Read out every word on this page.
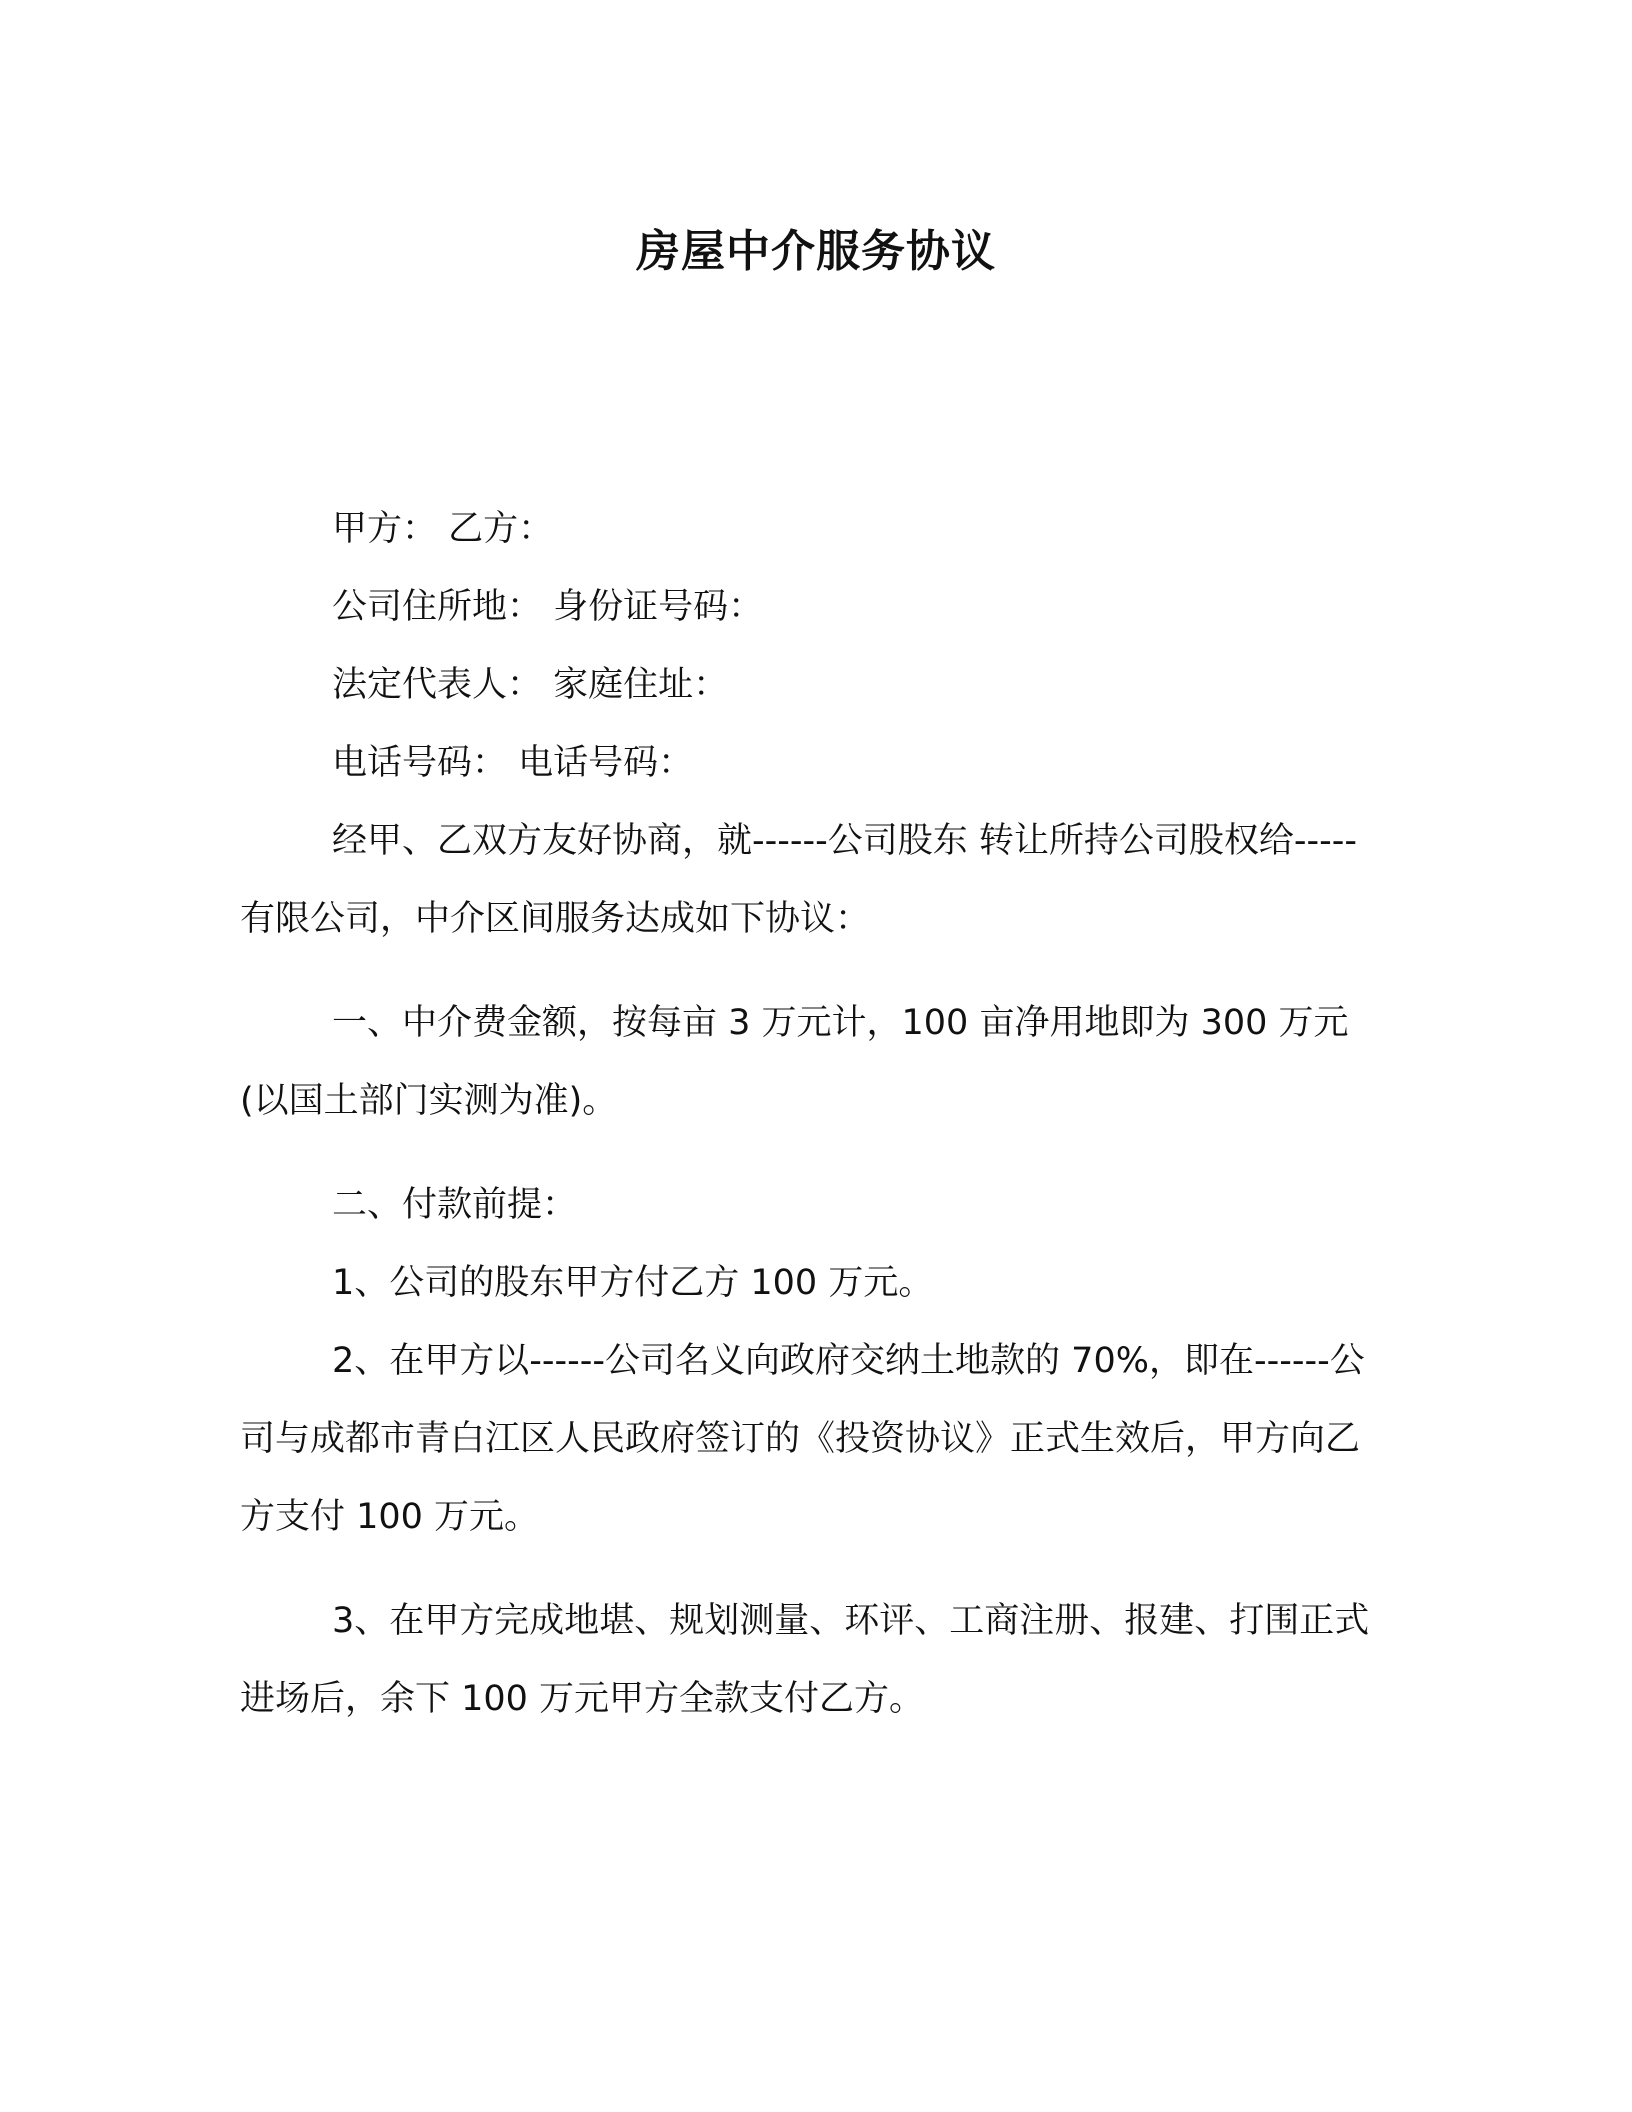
房屋中介服务协议

甲方： 乙方：

公司住所地： 身份证号码：

法定代表人： 家庭住址：

电话号码： 电话号码：

经甲、乙双方友好协商，就------公司股东 转让所持公司股权给-----有限公司，中介区间服务达成如下协议：

一、中介费金额，按每亩 3 万元计，100 亩净用地即为 300 万元(以国土部门实测为准)。

二、付款前提：

1、公司的股东甲方付乙方 100 万元。

2、在甲方以------公司名义向政府交纳土地款的 70%，即在------公司与成都市青白江区人民政府签订的《投资协议》正式生效后，甲方向乙方支付 100 万元。

3、在甲方完成地堪、规划测量、环评、工商注册、报建、打围正式进场后，余下 100 万元甲方全款支付乙方。
